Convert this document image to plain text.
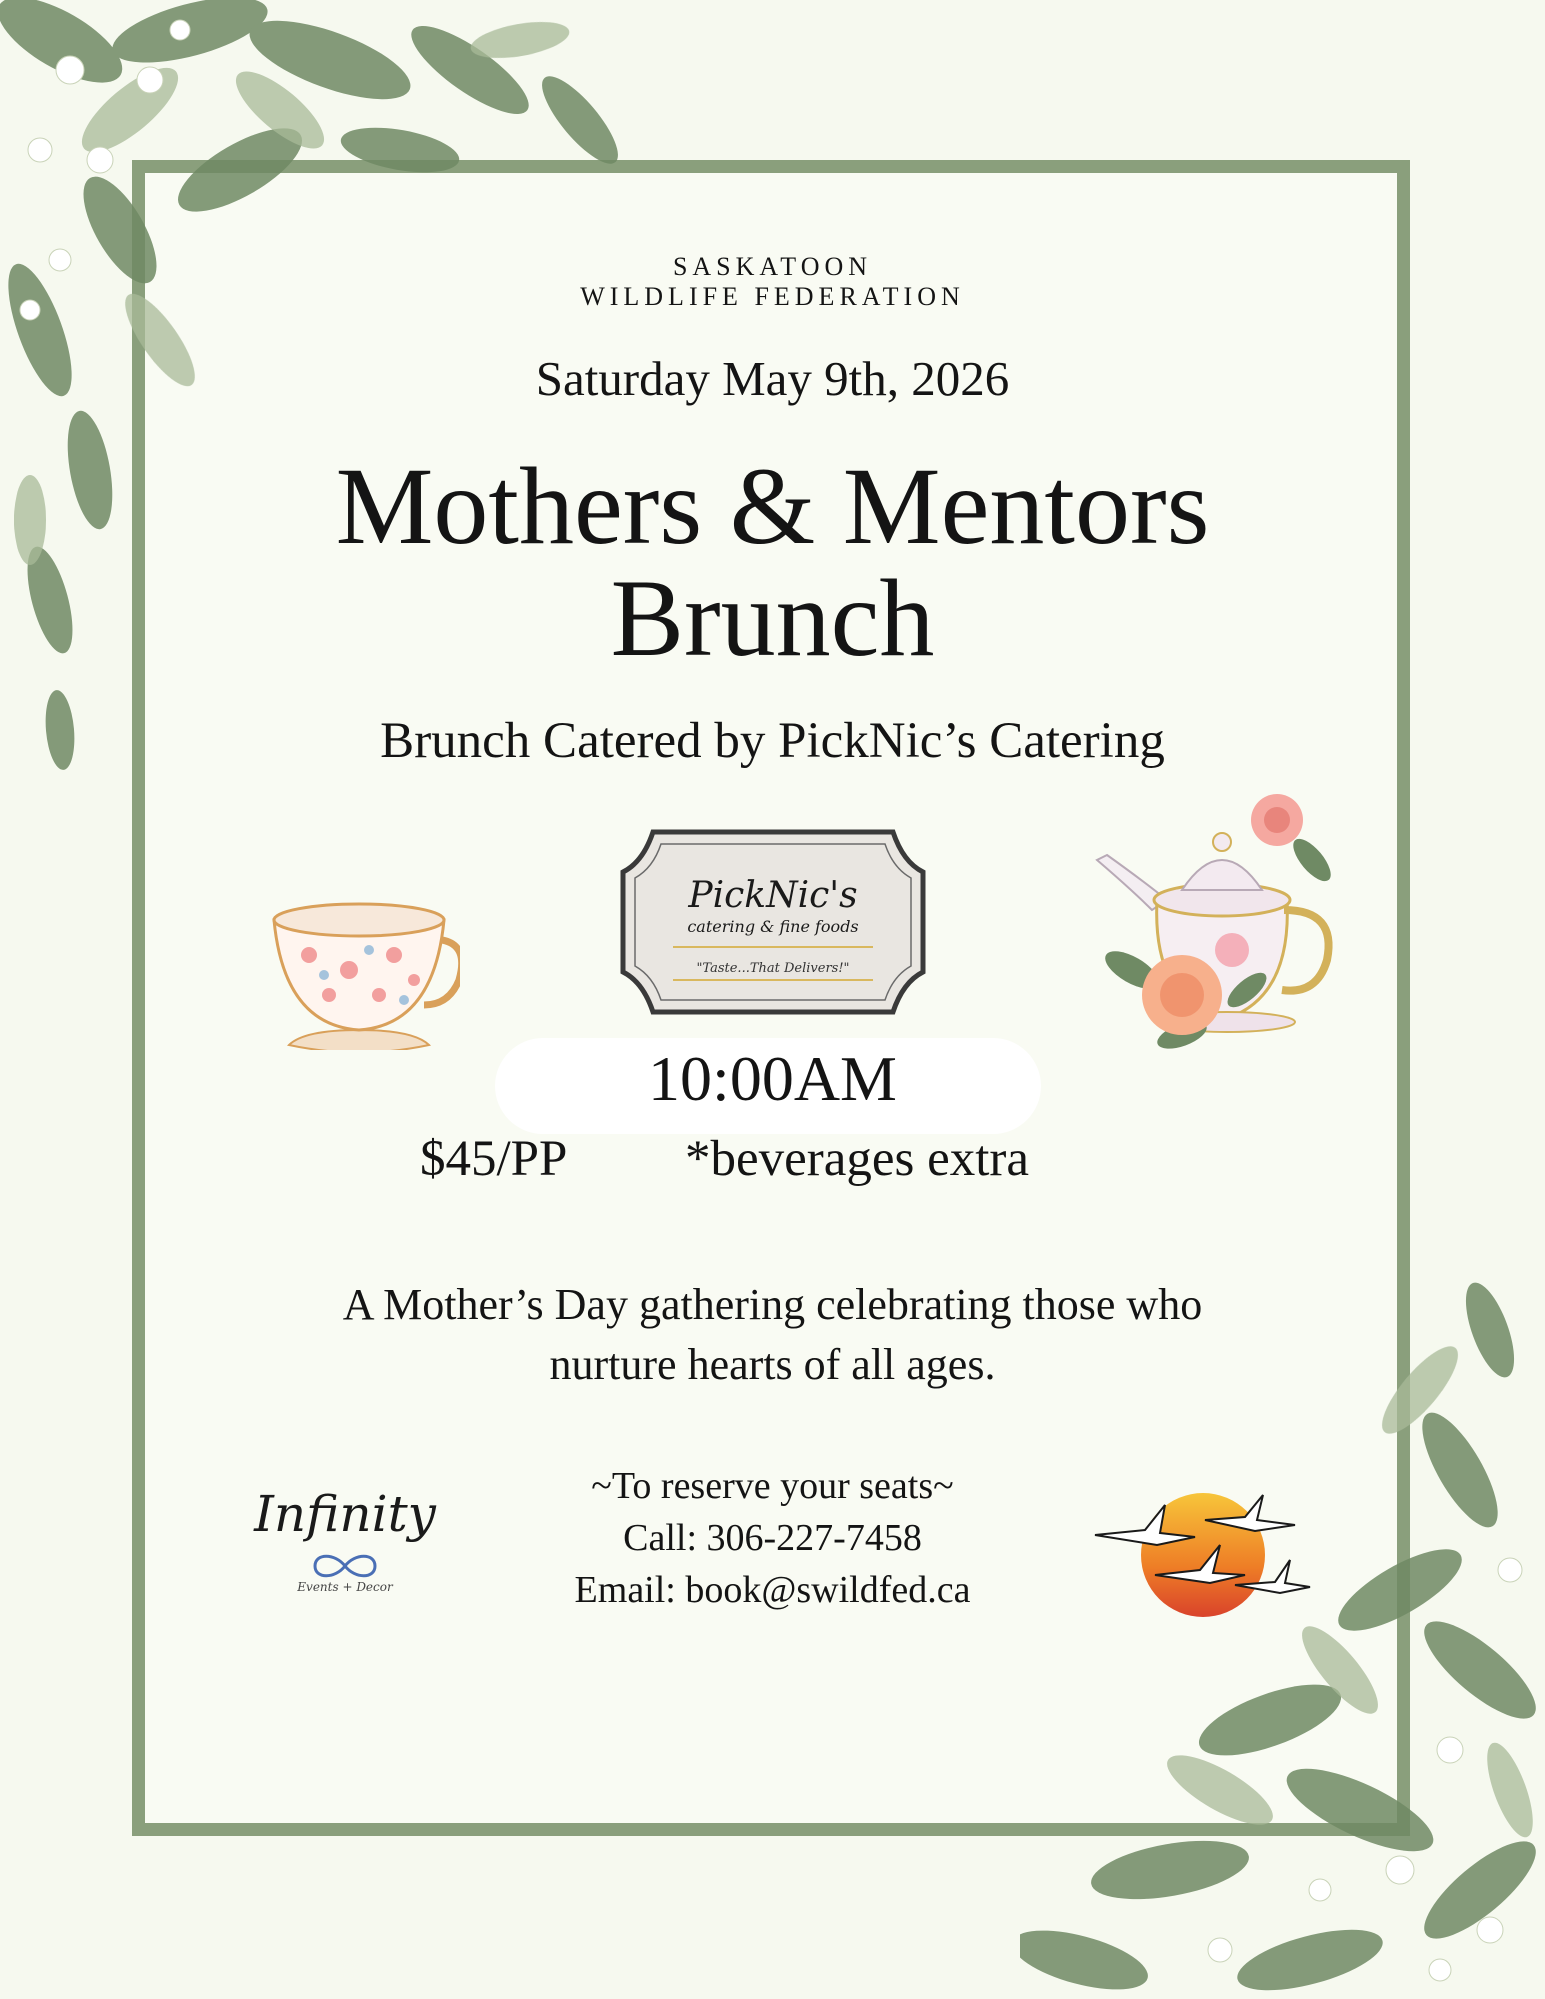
SASKATOON
WILDLIFE FEDERATION
Saturday May 9th, 2026
Mothers & Mentors
Brunch
Brunch Catered by PickNic’s Catering
10:00AM
$45/PP *beverages extra
A Mother’s Day gathering celebrating those who
nurture hearts of all ages.
~To reserve your seats~
Call: 306-227-7458
Email: book@swildfed.ca
PickNic's
catering & fine foods
"Taste...That Delivers!"
Infinity
Events + Decor
